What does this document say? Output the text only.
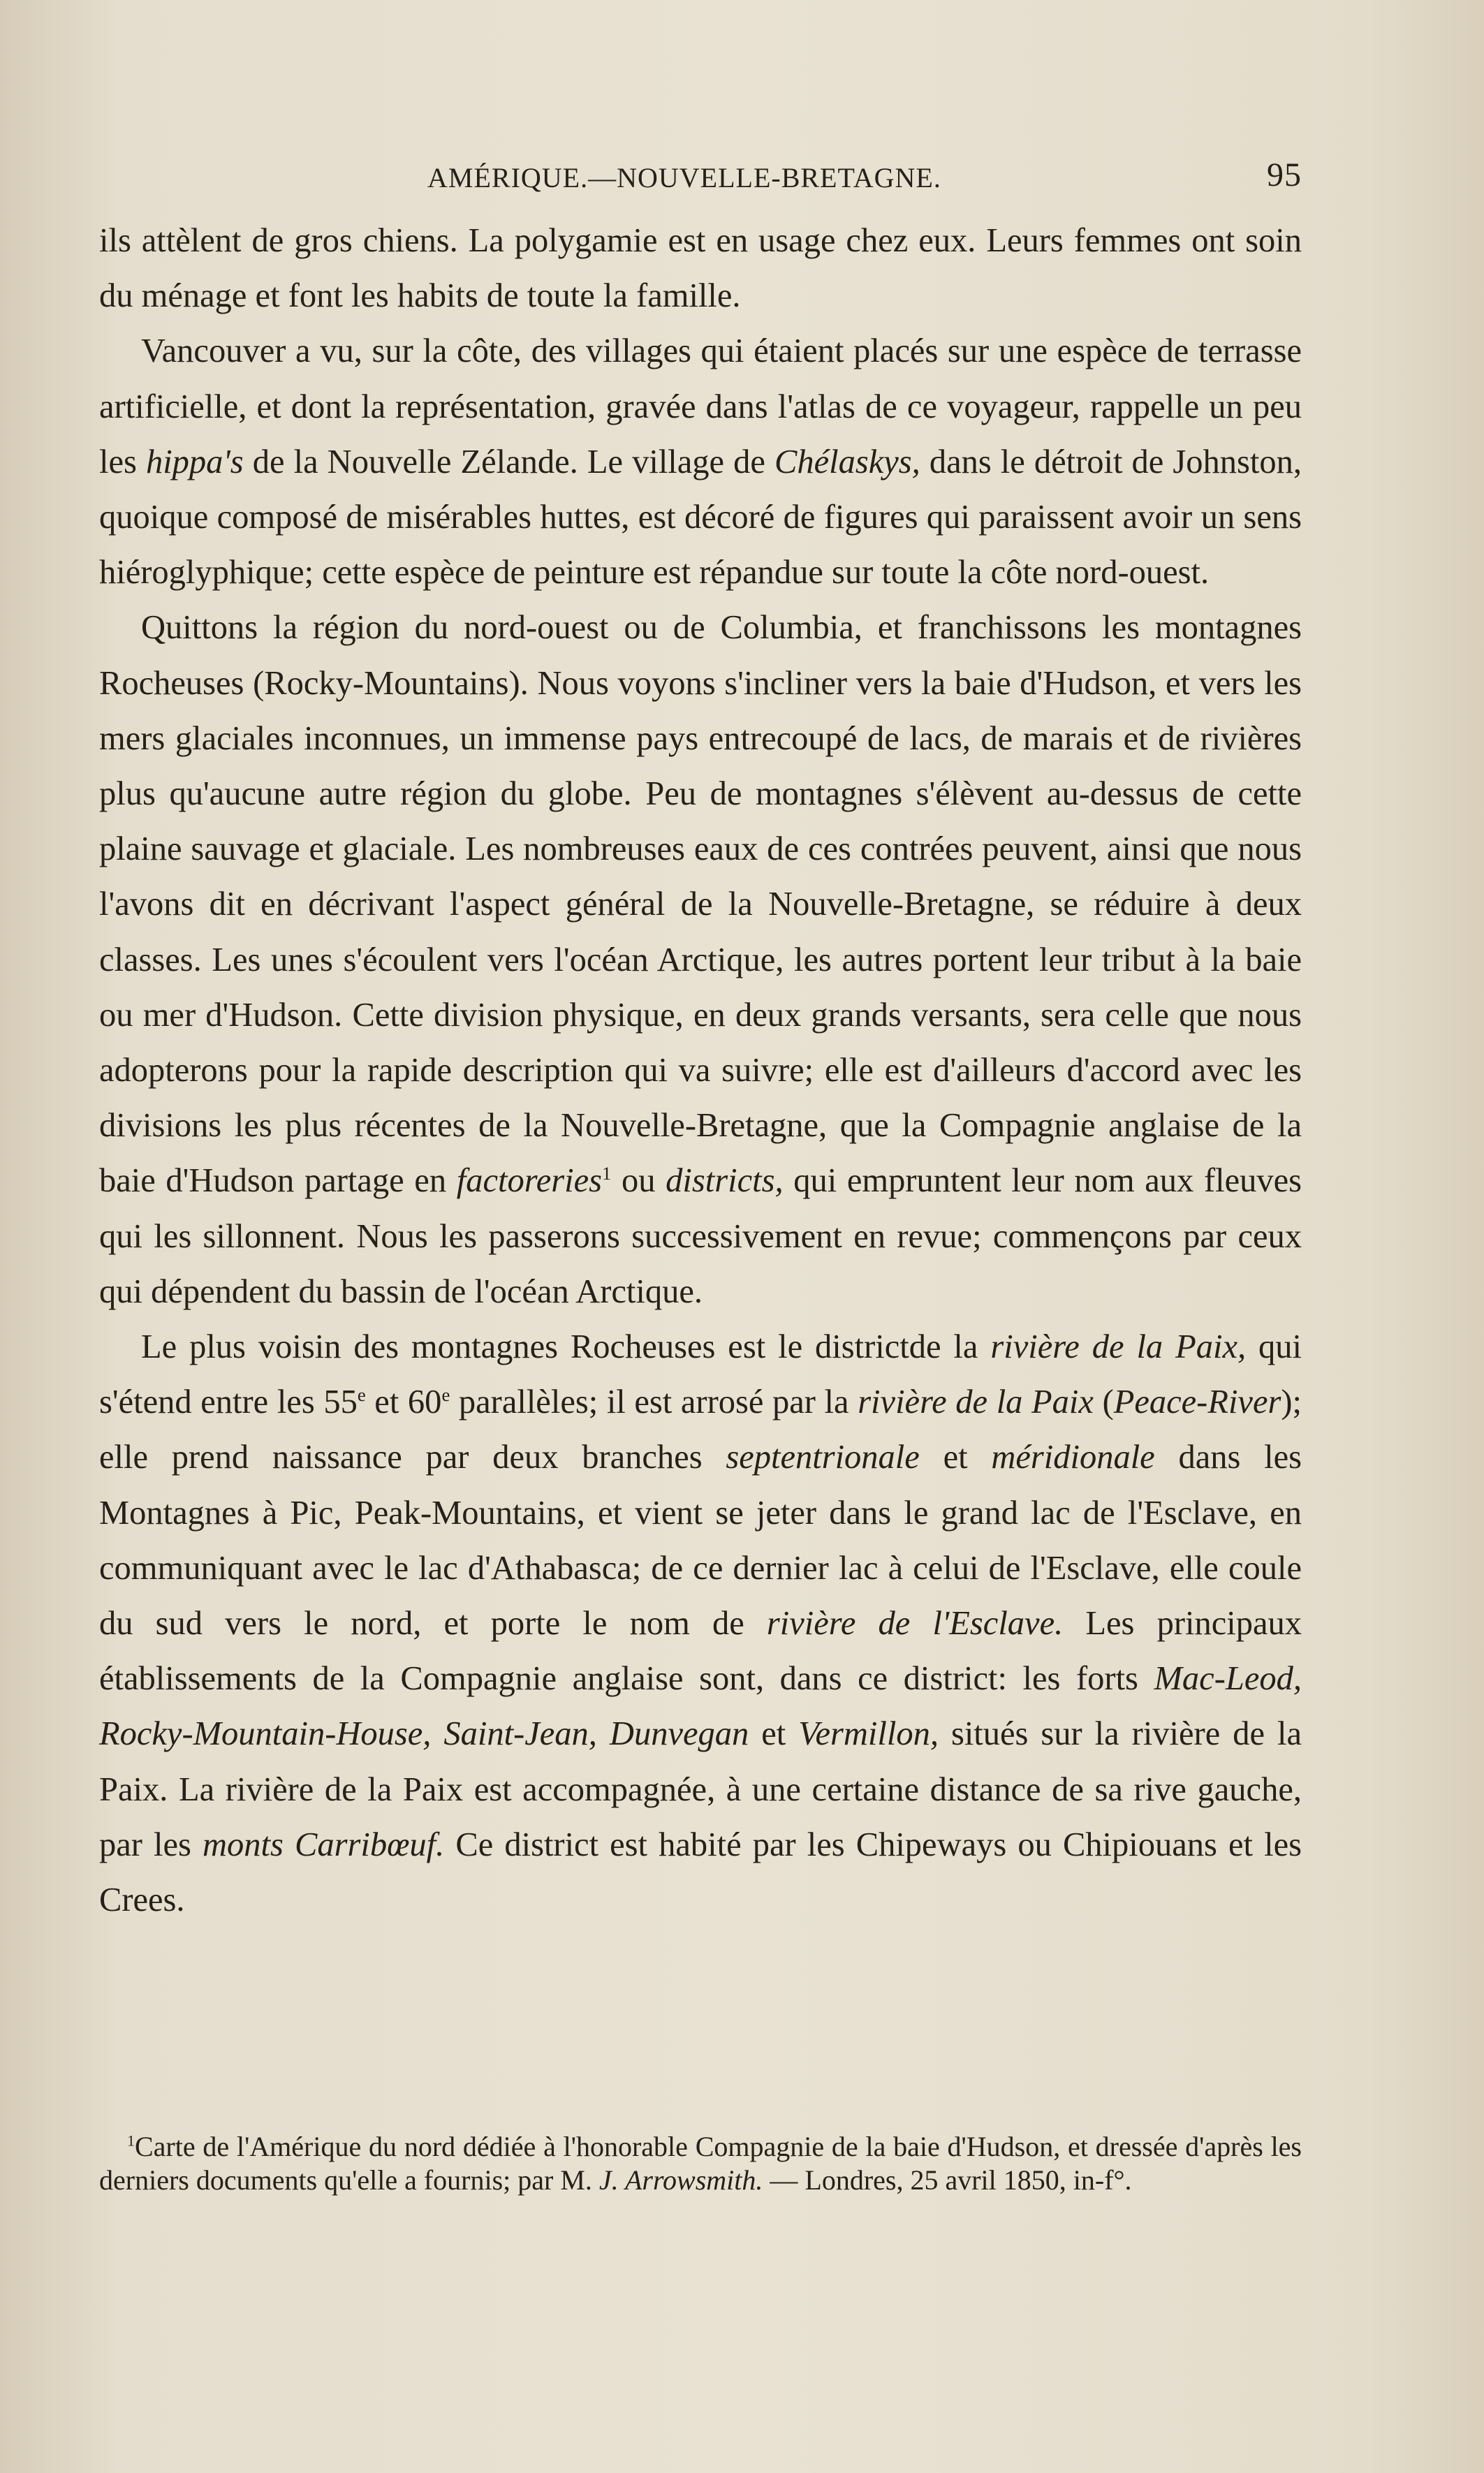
AMÉRIQUE.—NOUVELLE-BRETAGNE.	95

ils attèlent de gros chiens. La polygamie est en usage chez eux. Leurs femmes ont soin du ménage et font les habits de toute la famille.

Vancouver a vu, sur la côte, des villages qui étaient placés sur une espèce de terrasse artificielle, et dont la représentation, gravée dans l'atlas de ce voyageur, rappelle un peu les hippa's de la Nouvelle Zélande. Le village de Chélaskys, dans le détroit de Johnston, quoique composé de misérables huttes, est décoré de figures qui paraissent avoir un sens hiéroglyphique; cette espèce de peinture est répandue sur toute la côte nord-ouest.

Quittons la région du nord-ouest ou de Columbia, et franchissons les montagnes Rocheuses (Rocky-Mountains). Nous voyons s'incliner vers la baie d'Hudson, et vers les mers glaciales inconnues, un immense pays entrecoupé de lacs, de marais et de rivières plus qu'aucune autre région du globe. Peu de montagnes s'élèvent au-dessus de cette plaine sauvage et glaciale. Les nombreuses eaux de ces contrées peuvent, ainsi que nous l'avons dit en décrivant l'aspect général de la Nouvelle-Bretagne, se réduire à deux classes. Les unes s'écoulent vers l'océan Arctique, les autres portent leur tribut à la baie ou mer d'Hudson. Cette division physique, en deux grands versants, sera celle que nous adopterons pour la rapide description qui va suivre; elle est d'ailleurs d'accord avec les divisions les plus récentes de la Nouvelle-Bretagne, que la Compagnie anglaise de la baie d'Hudson partage en factoreries$^1$ ou districts, qui empruntent leur nom aux fleuves qui les sillonnent. Nous les passerons successivement en revue; commençons par ceux qui dépendent du bassin de l'océan Arctique.

Le plus voisin des montagnes Rocheuses est le districtde la rivière de la Paix, qui s'étend entre les 55e et 60e parallèles; il est arrosé par la rivière de la Paix (Peace-River); elle prend naissance par deux branches septentrionale et méridionale dans les Montagnes à Pic, Peak-Mountains, et vient se jeter dans le grand lac de l'Esclave, en communiquant avec le lac d'Athabasca; de ce dernier lac à celui de l'Esclave, elle coule du sud vers le nord, et porte le nom de rivière de l'Esclave. Les principaux établissements de la Compagnie anglaise sont, dans ce district: les forts Mac-Leod, Rocky-Mountain-House, Saint-Jean, Dunvegan et Vermillon, situés sur la rivière de la Paix. La rivière de la Paix est accompagnée, à une certaine distance de sa rive gauche, par les monts Carribœuf. Ce district est habité par les Chipeways ou Chipiouans et les Crees.

$^1$Carte de l'Amérique du nord dédiée à l'honorable Compagnie de la baie d'Hudson, et dressée d'après les derniers documents qu'elle a fournis; par M. J. Arrowsmith. — Londres, 25 avril 1850, in-f°.
